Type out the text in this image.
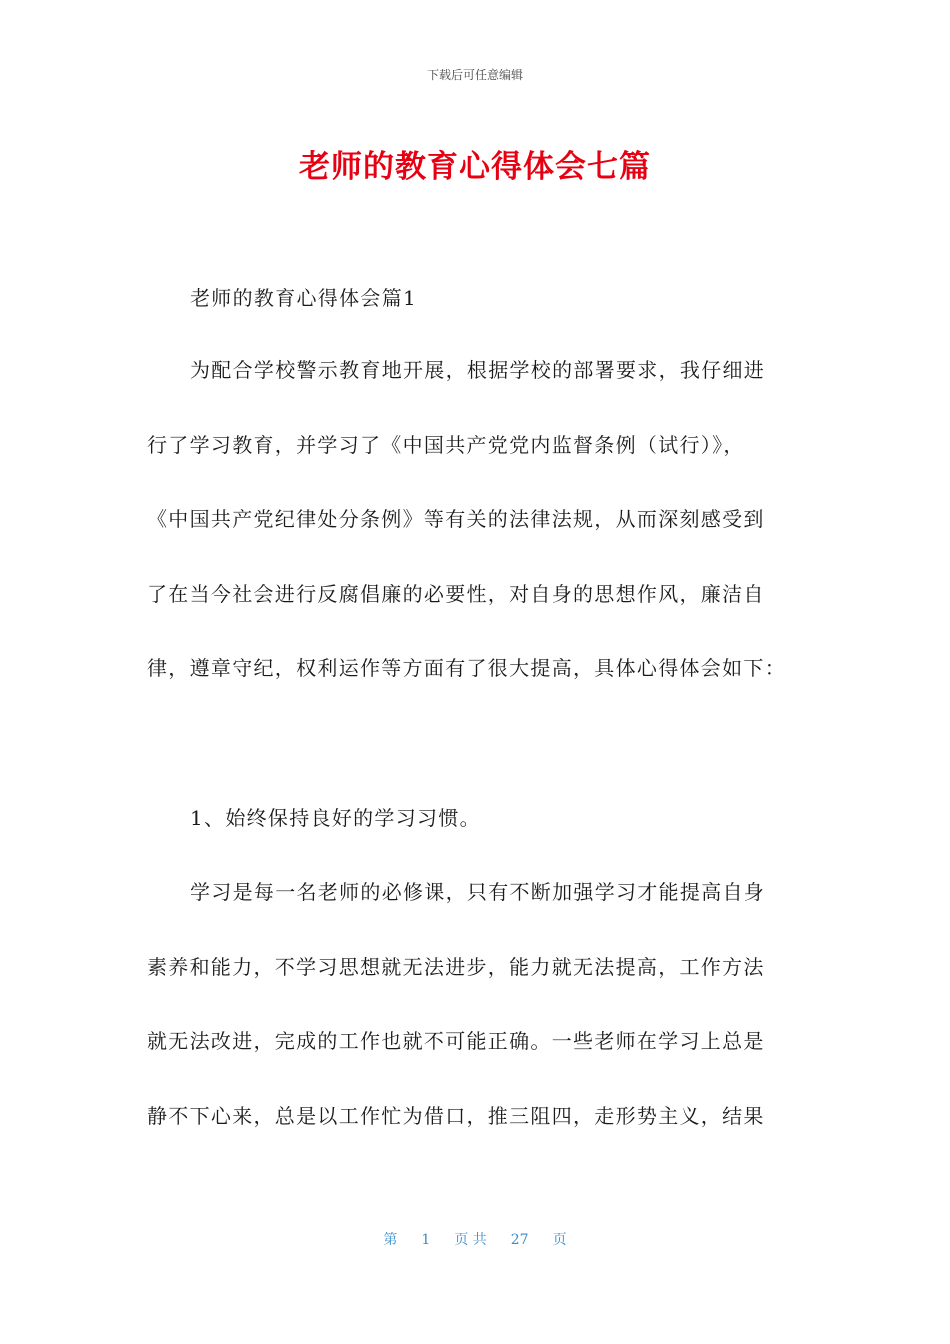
下载后可任意编辑
老师的教育心得体会七篇
老师的教育心得体会篇1
为配合学校警示教育地开展，根据学校的部署要求，我仔细进
行了学习教育，并学习了《中国共产党党内监督条例（试行）》，
《中国共产党纪律处分条例》等有关的法律法规，从而深刻感受到
了在当今社会进行反腐倡廉的必要性，对自身的思想作风，廉洁自
律，遵章守纪，权利运作等方面有了很大提高，具体心得体会如下：
1、始终保持良好的学习习惯。
学习是每一名老师的必修课，只有不断加强学习才能提高自身
素养和能力，不学习思想就无法进步，能力就无法提高，工作方法
就无法改进，完成的工作也就不可能正确。一些老师在学习上总是
静不下心来，总是以工作忙为借口，推三阻四，走形势主义，结果
第 1 页 共 27 页
